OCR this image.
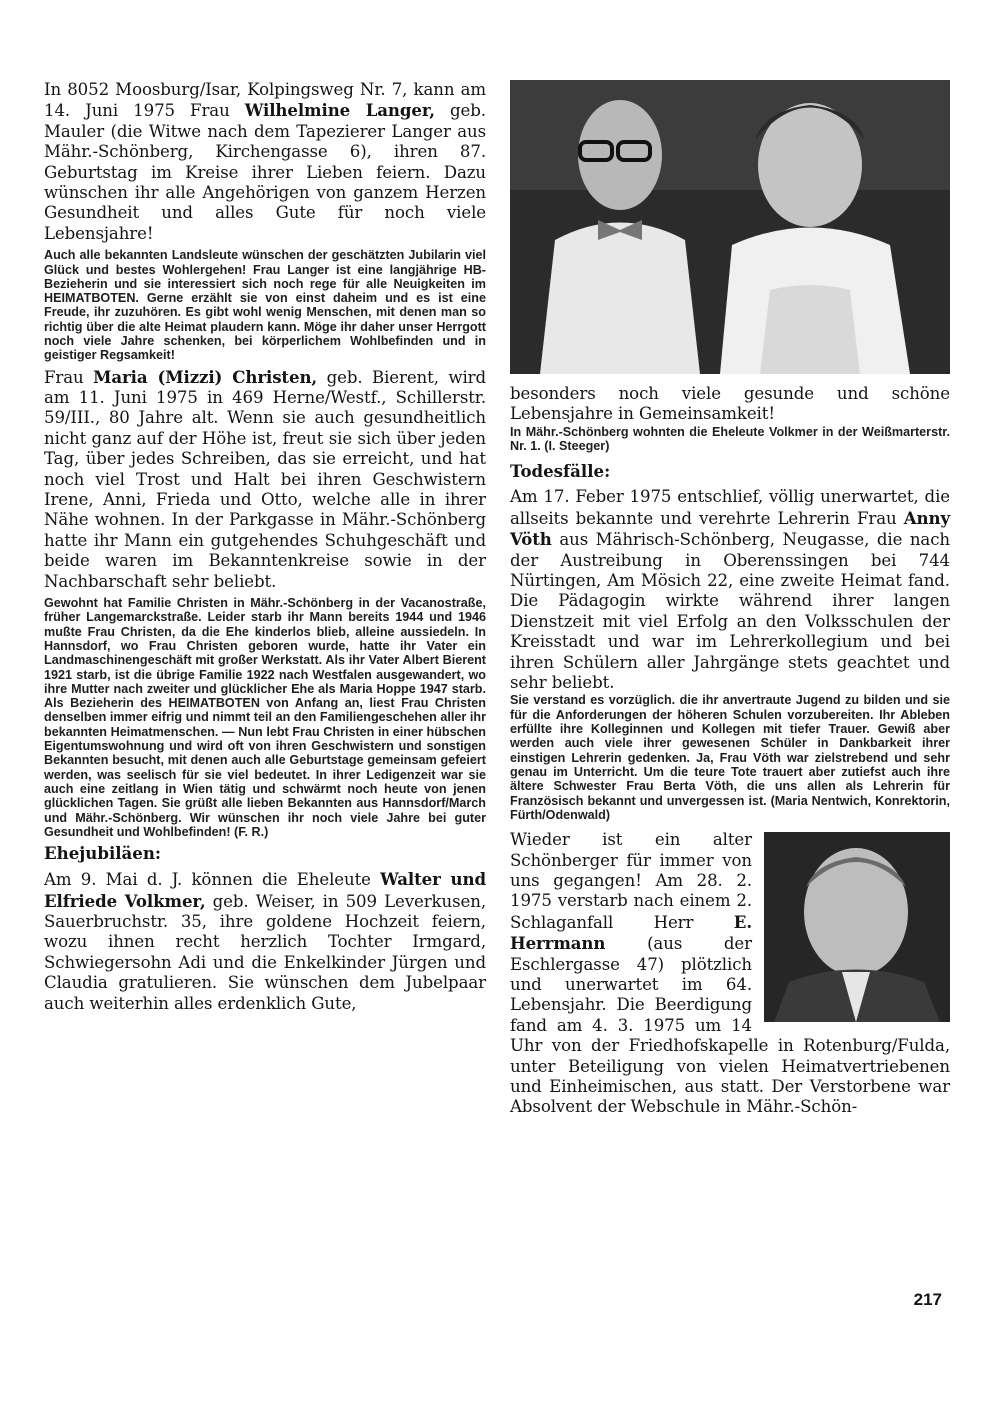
In 8052 Moosburg/Isar, Kolpingsweg Nr. 7, kann am 14. Juni 1975 Frau Wilhelmine Langer, geb. Mauler (die Witwe nach dem Tapezierer Langer aus Mähr.-Schönberg, Kirchengasse 6), ihren 87. Geburtstag im Kreise ihrer Lieben feiern. Dazu wünschen ihr alle Angehörigen von ganzem Herzen Gesundheit und alles Gute für noch viele Lebensjahre!

Auch alle bekannten Landsleute wünschen der geschätzten Jubilarin viel Glück und bestes Wohlergehen! Frau Langer ist eine langjährige HB-Bezieherin und sie interessiert sich noch rege für alle Neuigkeiten im HEIMATBOTEN. Gerne erzählt sie von einst daheim und es ist eine Freude, ihr zuzuhören. Es gibt wohl wenig Menschen, mit denen man so richtig über die alte Heimat plaudern kann. Möge ihr daher unser Herrgott noch viele Jahre schenken, bei körperlichem Wohlbefinden und in geistiger Regsamkeit!

Frau Maria (Mizzi) Christen, geb. Bierent, wird am 11. Juni 1975 in 469 Herne/Westf., Schillerstr. 59/III., 80 Jahre alt. Wenn sie auch gesundheitlich nicht ganz auf der Höhe ist, freut sie sich über jeden Tag, über jedes Schreiben, das sie erreicht, und hat noch viel Trost und Halt bei ihren Geschwistern Irene, Anni, Frieda und Otto, welche alle in ihrer Nähe wohnen. In der Parkgasse in Mähr.-Schönberg hatte ihr Mann ein gutgehendes Schuhgeschäft und beide waren im Bekanntenkreise sowie in der Nachbarschaft sehr beliebt.

Gewohnt hat Familie Christen in Mähr.-Schönberg in der Vacanostraße, früher Langemarckstraße. Leider starb ihr Mann bereits 1944 und 1946 mußte Frau Christen, da die Ehe kinderlos blieb, alleine aussiedeln. In Hannsdorf, wo Frau Christen geboren wurde, hatte ihr Vater ein Landmaschinengeschäft mit großer Werkstatt. Als ihr Vater Albert Bierent 1921 starb, ist die übrige Familie 1922 nach Westfalen ausgewandert, wo ihre Mutter nach zweiter und glücklicher Ehe als Maria Hoppe 1947 starb. Als Bezieherin des HEIMATBOTEN von Anfang an, liest Frau Christen denselben immer eifrig und nimmt teil an den Familiengeschehen aller ihr bekannten Heimatmenschen. — Nun lebt Frau Christen in einer hübschen Eigentumswohnung und wird oft von ihren Geschwistern und sonstigen Bekannten besucht, mit denen auch alle Geburtstage gemeinsam gefeiert werden, was seelisch für sie viel bedeutet. In ihrer Ledigenzeit war sie auch eine zeitlang in Wien tätig und schwärmt noch heute von jenen glücklichen Tagen. Sie grüßt alle lieben Bekannten aus Hannsdorf/March und Mähr.-Schönberg. Wir wünschen ihr noch viele Jahre bei guter Gesundheit und Wohlbefinden! (F. R.)

Ehejubiläen:

Am 9. Mai d. J. können die Eheleute Walter und Elfriede Volkmer, geb. Weiser, in 509 Leverkusen, Sauerbruchstr. 35, ihre goldene Hochzeit feiern, wozu ihnen recht herzlich Tochter Irmgard, Schwiegersohn Adi und die Enkelkinder Jürgen und Claudia gratulieren. Sie wünschen dem Jubelpaar auch weiterhin alles erdenklich Gute,

besonders noch viele gesunde und schöne Lebensjahre in Gemeinsamkeit!

In Mähr.-Schönberg wohnten die Eheleute Volkmer in der Weißmarterstr. Nr. 1. (I. Steeger)

Todesfälle:

Am 17. Feber 1975 entschlief, völlig unerwartet, die allseits bekannte und verehrte Lehrerin Frau Anny Vöth aus Mährisch-Schönberg, Neugasse, die nach der Austreibung in Oberenssingen bei 744 Nürtingen, Am Mösich 22, eine zweite Heimat fand. Die Pädagogin wirkte während ihrer langen Dienstzeit mit viel Erfolg an den Volksschulen der Kreisstadt und war im Lehrerkollegium und bei ihren Schülern aller Jahrgänge stets geachtet und sehr beliebt.

Sie verstand es vorzüglich. die ihr anvertraute Jugend zu bilden und sie für die Anforderungen der höheren Schulen vorzubereiten. Ihr Ableben erfüllte ihre Kolleginnen und Kollegen mit tiefer Trauer. Gewiß aber werden auch viele ihrer gewesenen Schüler in Dankbarkeit ihrer einstigen Lehrerin gedenken. Ja, Frau Vöth war zielstrebend und sehr genau im Unterricht. Um die teure Tote trauert aber zutiefst auch ihre ältere Schwester Frau Berta Vöth, die uns allen als Lehrerin für Französisch bekannt und unvergessen ist. (Maria Nentwich, Konrektorin, Fürth/Odenwald)

Wieder ist ein alter Schönberger für immer von uns gegangen! Am 28. 2. 1975 verstarb nach einem 2. Schlaganfall Herr E. Herrmann	(aus der Eschlergasse 47) plötzlich und unerwartet im 64. Lebensjahr. Die Beerdigung fand am 4. 3. 1975 um 14 Uhr von der Friedhofskapelle in Rotenburg/Fulda, unter Beteiligung von vielen Heimatvertriebenen und Einheimischen, aus statt. Der Verstorbene war Absolvent der Webschule in Mähr.-Schön-

217
